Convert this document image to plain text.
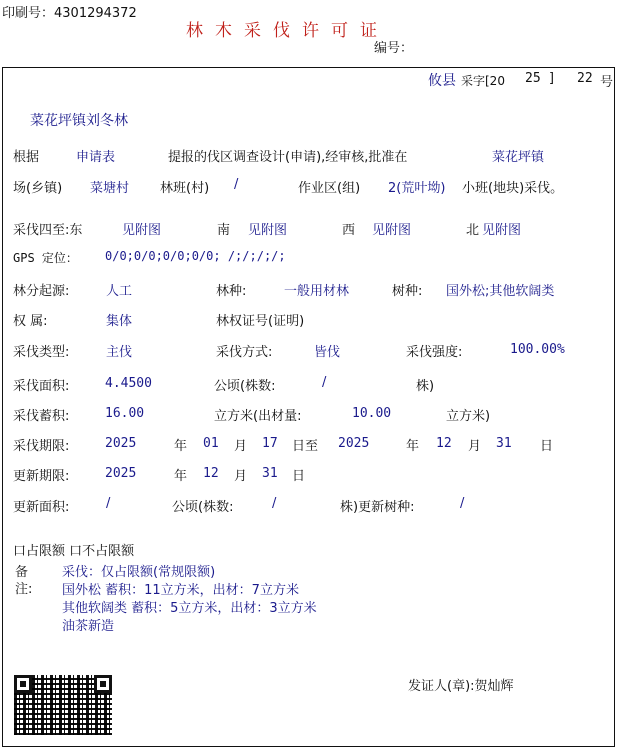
印刷号：4301294372
林木采伐许可证
编号：
攸县 采字[20 25 ] 22 号
菜花坪镇刘冬林
根据	申请表	提报的伐区调查设计(申请),经审核,批准在	菜花坪镇
场(乡镇) 菜塘村 林班(村) /	作业区(组) 2(荒叶坳) 小班(地块)采伐。
采伐四至:东	见附图	南 见附图	西 见附图	北 见附图
GPS 定位： 0/0;0/0;0/0;0/0; /;/;/;/;
林分起源:	人工	林种:	一般用材林	树种: 国外松;其他软阔类
权 属:	集体	林权证号(证明)
采伐类型:	主伐	采伐方式:	皆伐	采伐强度:	100.00%
采伐面积:	4.4500	公顷(株数:	/	株)
采伐蓄积:	16.00	立方米(出材量:	10.00	立方米)
采伐期限:	2025	年 01 月 17 日至 2025	年 12 月 31 日
更新期限:	2025	年 12 月 31 日
更新面积:	/	公顷(株数:	/	株)更新树种:	/
口占限额 口不占限额
备
注:
采伐：仅占限额(常规限额)
国外松 蓄积：11立方米，出材：7立方米
其他软阔类 蓄积：5立方米，出材：3立方米
油茶新造
发证人(章):贺灿辉
